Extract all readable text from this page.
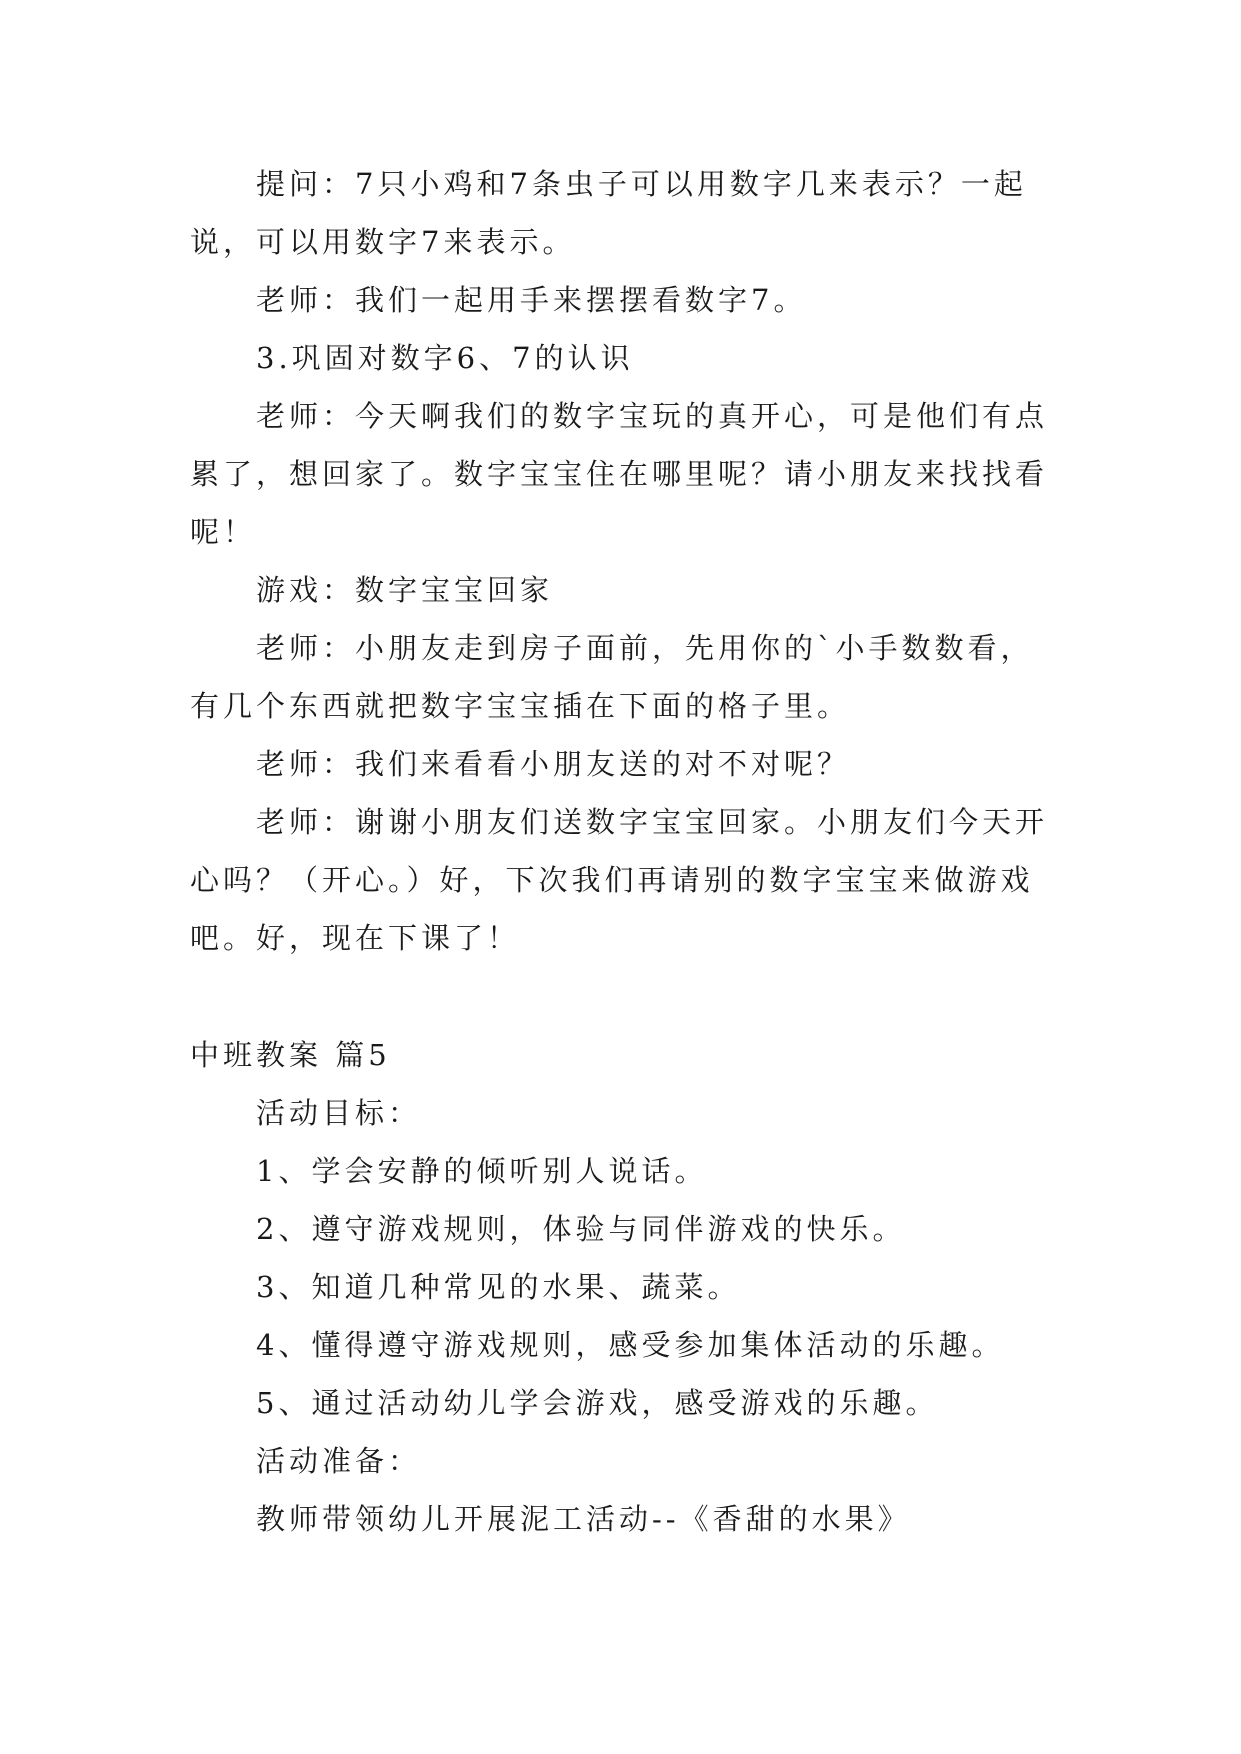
提问：7只小鸡和7条虫子可以用数字几来表示？一起说，可以用数字7来表示。

老师：我们一起用手来摆摆看数字7。

3.巩固对数字6、7的认识

老师：今天啊我们的数字宝玩的真开心，可是他们有点累了，想回家了。数字宝宝住在哪里呢？请小朋友来找找看呢！

游戏：数字宝宝回家

老师：小朋友走到房子面前，先用你的`小手数数看，有几个东西就把数字宝宝插在下面的格子里。

老师：我们来看看小朋友送的对不对呢？

老师：谢谢小朋友们送数字宝宝回家。小朋友们今天开心吗？（开心。）好，下次我们再请别的数字宝宝来做游戏吧。好，现在下课了！

中班教案 篇5

活动目标：

1、学会安静的倾听别人说话。

2、遵守游戏规则，体验与同伴游戏的快乐。

3、知道几种常见的水果、蔬菜。

4、懂得遵守游戏规则，感受参加集体活动的乐趣。

5、通过活动幼儿学会游戏，感受游戏的乐趣。

活动准备：

教师带领幼儿开展泥工活动--《香甜的水果》
